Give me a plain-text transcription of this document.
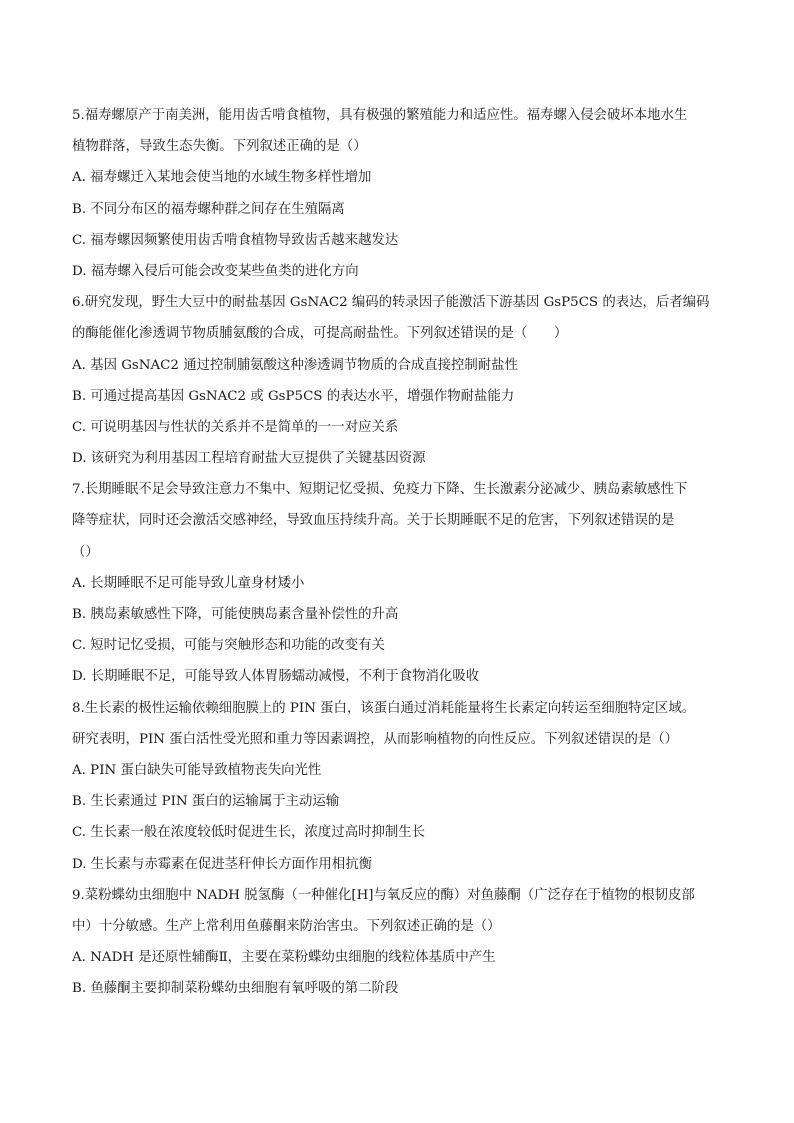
5.福寿螺原产于南美洲，能用齿舌啃食植物，具有极强的繁殖能力和适应性。福寿螺入侵会破坏本地水生
植物群落，导致生态失衡。下列叙述正确的是（）
A. 福寿螺迁入某地会使当地的水域生物多样性增加
B. 不同分布区的福寿螺种群之间存在生殖隔离
C. 福寿螺因频繁使用齿舌啃食植物导致齿舌越来越发达
D. 福寿螺入侵后可能会改变某些鱼类的进化方向
6.研究发现，野生大豆中的耐盐基因 GsNAC2 编码的转录因子能激活下游基因 GsP5CS 的表达，后者编码
的酶能催化渗透调节物质脯氨酸的合成，可提高耐盐性。下列叙述错误的是（　　）
A. 基因 GsNAC2 通过控制脯氨酸这种渗透调节物质的合成直接控制耐盐性
B. 可通过提高基因 GsNAC2 或 GsP5CS 的表达水平，增强作物耐盐能力
C. 可说明基因与性状的关系并不是简单的一一对应关系
D. 该研究为利用基因工程培育耐盐大豆提供了关键基因资源
7.长期睡眠不足会导致注意力不集中、短期记忆受损、免疫力下降、生长激素分泌减少、胰岛素敏感性下
降等症状，同时还会激活交感神经，导致血压持续升高。关于长期睡眠不足的危害，下列叙述错误的是
（）
A. 长期睡眠不足可能导致儿童身材矮小
B. 胰岛素敏感性下降，可能使胰岛素含量补偿性的升高
C. 短时记忆受损，可能与突触形态和功能的改变有关
D. 长期睡眠不足，可能导致人体胃肠蠕动减慢，不利于食物消化吸收
8.生长素的极性运输依赖细胞膜上的 PIN 蛋白，该蛋白通过消耗能量将生长素定向转运至细胞特定区域。
研究表明，PIN 蛋白活性受光照和重力等因素调控，从而影响植物的向性反应。下列叙述错误的是（）
A. PIN 蛋白缺失可能导致植物丧失向光性
B. 生长素通过 PIN 蛋白的运输属于主动运输
C. 生长素一般在浓度较低时促进生长，浓度过高时抑制生长
D. 生长素与赤霉素在促进茎秆伸长方面作用相抗衡
9.菜粉蝶幼虫细胞中 NADH 脱氢酶（一种催化[H]与氧反应的酶）对鱼藤酮（广泛存在于植物的根韧皮部
中）十分敏感。生产上常利用鱼藤酮来防治害虫。下列叙述正确的是（）
A. NADH 是还原性辅酶Ⅱ，主要在菜粉蝶幼虫细胞的线粒体基质中产生
B. 鱼藤酮主要抑制菜粉蝶幼虫细胞有氧呼吸的第二阶段
